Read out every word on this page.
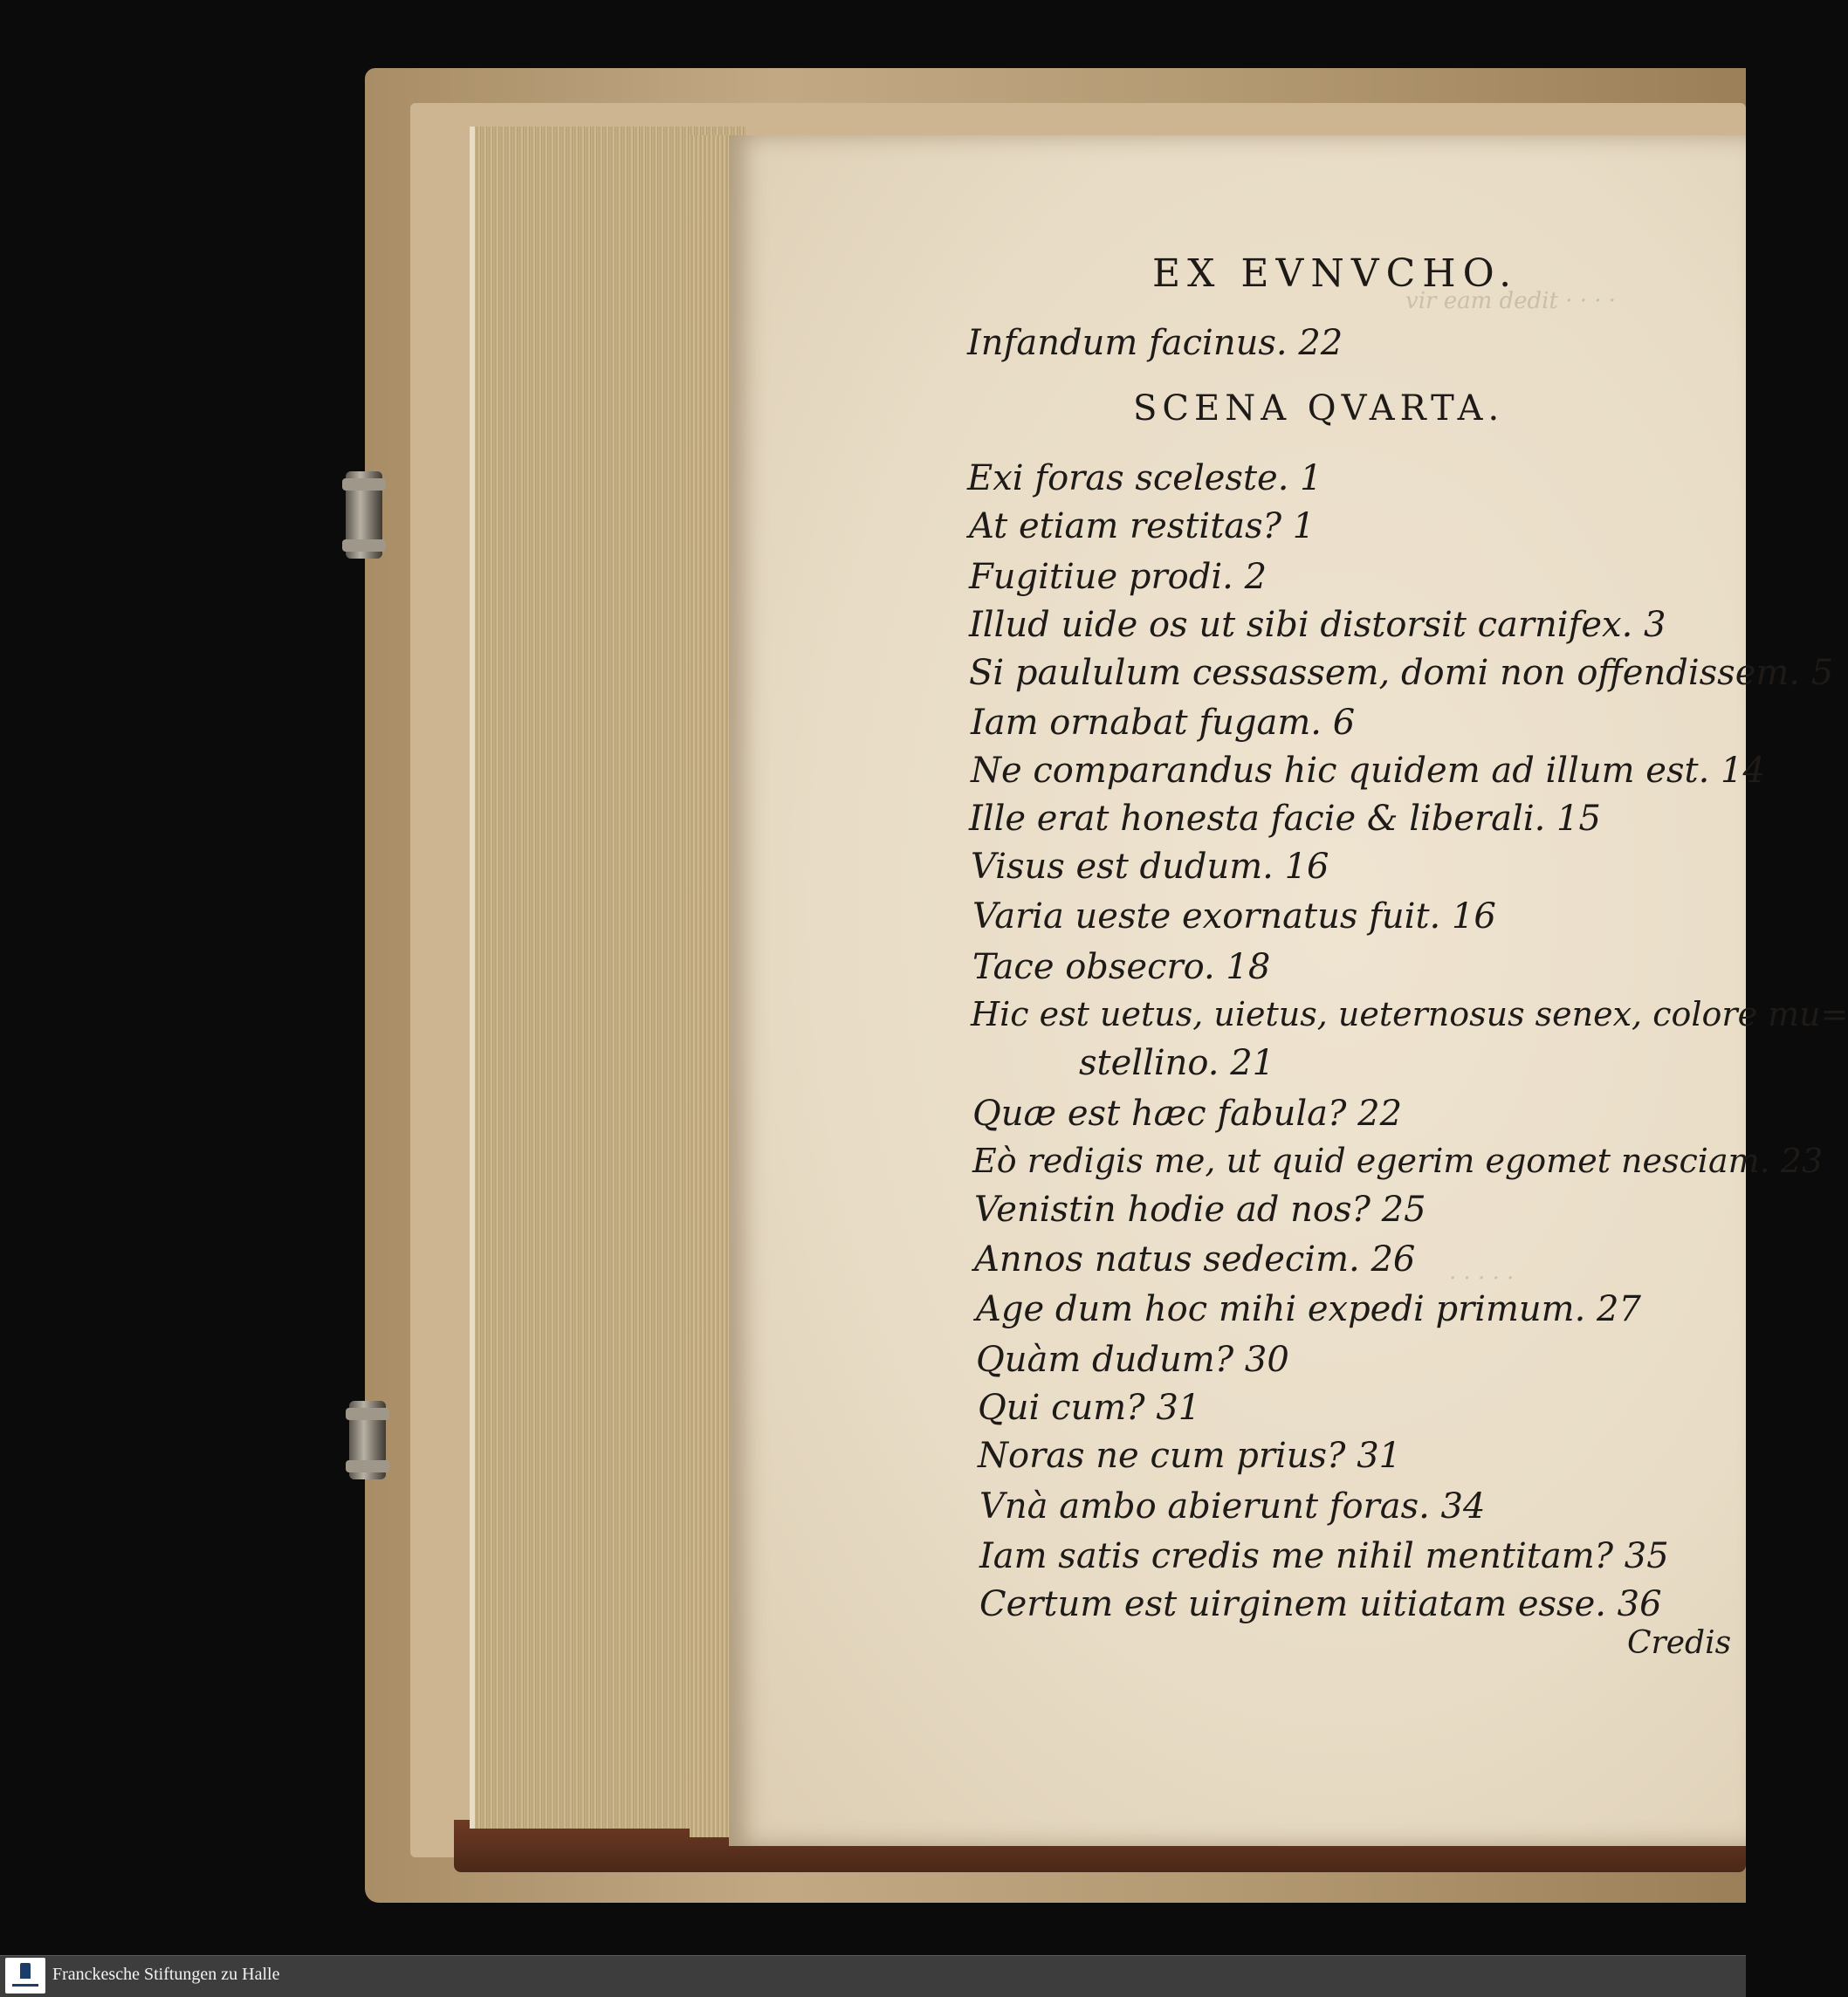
vir eam dedit · · · ·
· · · · ·
EX EVNVCHO.
Infandum facinus. 22
SCENA QVARTA.
Exi foras sceleste. 1
At etiam restitas? 1
Fugitiue prodi. 2
Illud uide os ut sibi distorsit carnifex. 3
Si paululum cessassem, domi non offendissem. 5
Iam ornabat fugam. 6
Ne comparandus hic quidem ad illum est. 14
Ille erat honesta facie & liberali. 15
Visus est dudum. 16
Varia ueste exornatus fuit. 16
Tace obsecro. 18
Hic est uetus, uietus, ueternosus senex, colore mu=
stellino. 21
Quæ est hæc fabula? 22
Eò redigis me, ut quid egerim egomet nesciam. 23
Venistin hodie ad nos? 25
Annos natus sedecim. 26
Age dum hoc mihi expedi primum. 27
Quàm dudum? 30
Qui cum? 31
Noras ne cum prius? 31
Vnà ambo abierunt foras. 34
Iam satis credis me nihil mentitam? 35
Certum est uirginem uitiatam esse. 36
Credis
Franckesche Stiftungen zu Halle
